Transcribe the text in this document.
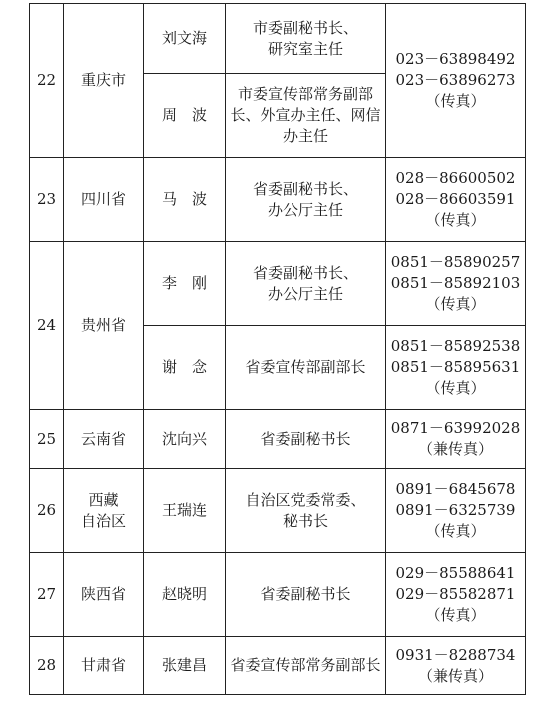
22	重庆市	刘文海	市委副秘书长、
研究室主任	023－63898492
023－63896273
（传真）
		周　波	市委宣传部常务副部
长、外宣办主任、网信
办主任	
23	四川省	马　波	省委副秘书长、
办公厅主任	028－86600502
028－86603591
（传真）
24	贵州省	李　刚	省委副秘书长、
办公厅主任	0851－85890257
0851－85892103
（传真）
		谢　念	省委宣传部副部长	0851－85892538
0851－85895631
（传真）
25	云南省	沈向兴	省委副秘书长	0871－63992028
（兼传真）
26	西藏
自治区	王瑞连	自治区党委常委、
秘书长	0891－6845678
0891－6325739
（传真）
27	陕西省	赵晓明	省委副秘书长	029－85588641
029－85582871
（传真）
28	甘肃省	张建昌	省委宣传部常务副部长	0931－8288734
（兼传真）
